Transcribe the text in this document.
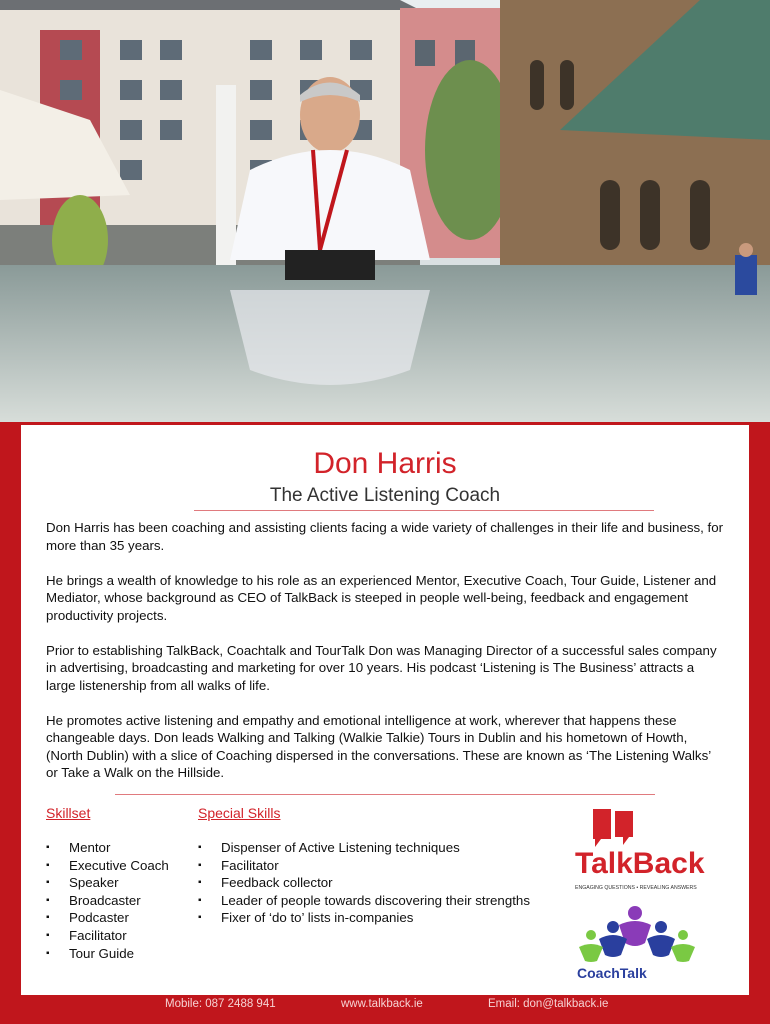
Don Harris
The Active Listening Coach

Don Harris has been coaching and assisting clients facing a wide variety of challenges in their life and business, for more than 35 years.

He brings a wealth of knowledge to his role as an experienced Mentor, Executive Coach, Tour Guide, Listener and Mediator, whose background as CEO of TalkBack is steeped in people well-being, feedback and engagement productivity projects.

Prior to establishing TalkBack, Coachtalk and TourTalk Don was Managing Director of a successful sales company in advertising, broadcasting and marketing for over 10 years. His podcast ‘Listening is The Business’ attracts a large listenership from all walks of life.

He promotes active listening and empathy and emotional intelligence at work, wherever that happens these changeable days. Don leads Walking and Talking (Walkie Talkie) Tours in Dublin and his hometown of Howth, (North Dublin) with a slice of Coaching dispersed in the conversations. These are known as ‘The Listening Walks’ or Take a Walk on the Hillside.

Skillset	Special Skills
▪ Mentor
▪ Executive Coach
▪ Speaker
▪ Broadcaster
▪ Podcaster
▪ Facilitator
▪ Tour Guide
▪ Dispenser of Active Listening techniques
▪ Facilitator
▪ Feedback collector
▪ Leader of people towards discovering their strengths
▪ Fixer of ‘do to’ lists in-companies
TalkBack
ENGAGING QUESTIONS • REVEALING ANSWERS
CoachTalk
Mobile: 087 2488 941	www.talkback.ie	Email: don@talkback.ie
